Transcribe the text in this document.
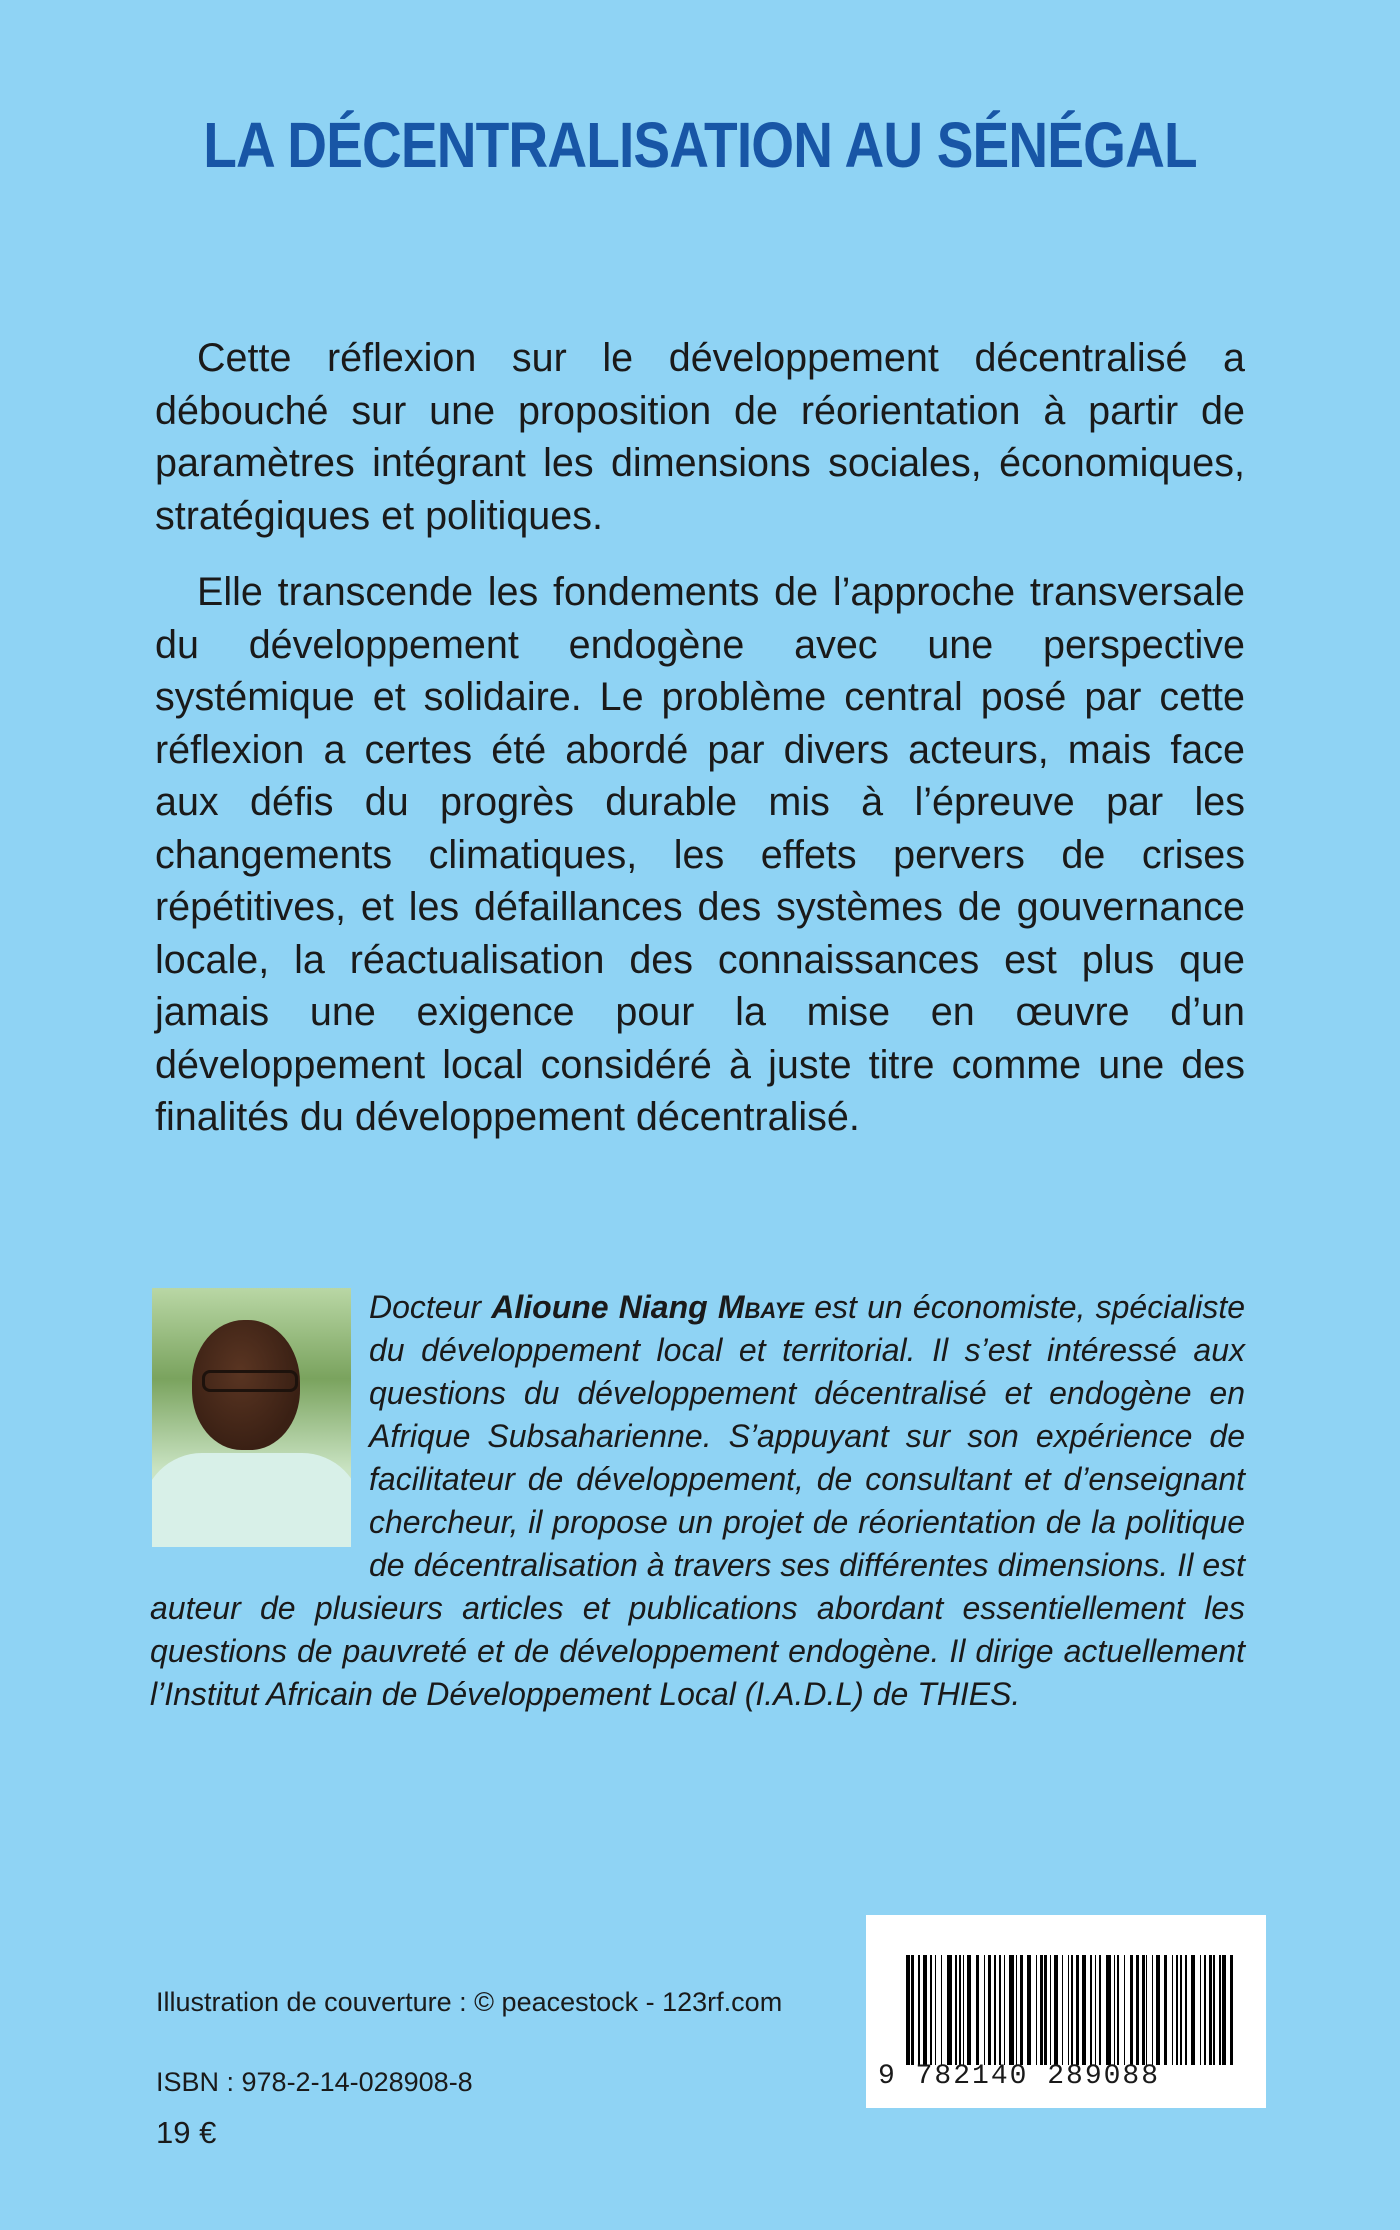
LA DÉCENTRALISATION AU SÉNÉGAL

Cette réflexion sur le développement décentralisé a débouché sur une proposition de réorientation à partir de paramètres intégrant les dimensions sociales, économiques, stratégiques et politiques.

Elle transcende les fondements de l’approche transversale du développement endogène avec une perspective systémique et solidaire. Le problème central posé par cette réflexion a certes été abordé par divers acteurs, mais face aux défis du progrès durable mis à l’épreuve par les changements climatiques, les effets pervers de crises répétitives, et les défaillances des systèmes de gouvernance locale, la réactualisation des connaissances est plus que jamais une exigence pour la mise en œuvre d’un développement local considéré à juste titre comme une des finalités du développement décentralisé.

Docteur Alioune Niang Mbaye est un économiste, spécialiste du développement local et territorial. Il s’est intéressé aux questions du développement décentralisé et endogène en Afrique Subsaharienne. S’appuyant sur son expérience de facilitateur de développement, de consultant et d’enseignant chercheur, il propose un projet de réorientation de la politique de décentralisation à travers ses différentes dimensions. Il est auteur de plusieurs articles et publications abordant essentiellement les questions de pauvreté et de développement endogène. Il dirige actuellement l’Institut Africain de Développement Local (I.A.D.L) de THIES.
Illustration de couverture : © peacestock - 123rf.com
ISBN : 978-2-14-028908-8
19 €
9 782140 289088
